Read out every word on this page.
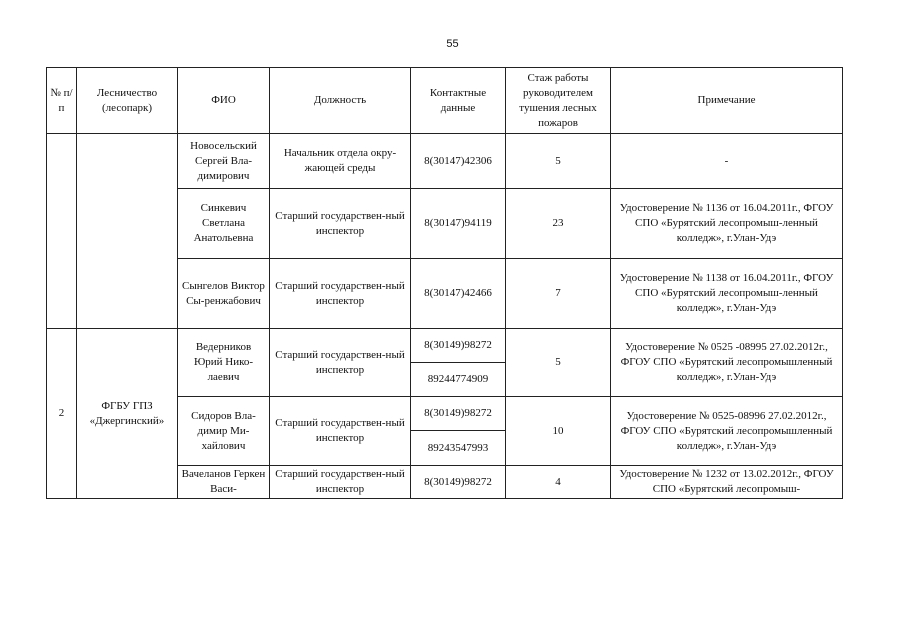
55
№ п/п	Лесничество (лесопарк)	ФИО	Должность	Контактные данные	Стаж работы руководителем тушения лесных пожаров	Примечание
		Новосельский Сергей Вла-димирович	Начальник отдела окру-жающей среды	8(30147)42306	5	-
		Синкевич Светлана Анатольевна	Старший государствен-ный инспектор	8(30147)94119	23	Удостоверение № 1136 от 16.04.2011г., ФГОУ СПО «Бурятский лесопромыш-ленный колледж», г.Улан-Удэ
		Сынгелов Виктор Сы-ренжабович	Старший государствен-ный инспектор	8(30147)42466	7	Удостоверение № 1138 от 16.04.2011г., ФГОУ СПО «Бурятский лесопромыш-ленный колледж», г.Улан-Удэ
2	ФГБУ ГПЗ «Джергинский»	Ведерников Юрий Нико-лаевич	Старший государствен-ный инспектор	8(30149)98272	5	Удостоверение № 0525 -08995 27.02.2012г., ФГОУ СПО «Бурятский лесопромышленный колледж», г.Улан-Удэ
				89244774909		
		Сидоров Вла-димир Ми-хайлович	Старший государствен-ный инспектор	8(30149)98272	10	Удостоверение № 0525-08996 27.02.2012г., ФГОУ СПО «Бурятский лесопромышленный колледж», г.Улан-Удэ
				89243547993		

		Вачеланов Геркен Васи-	Старший государствен-ный инспектор	8(30149)98272	4	Удостоверение № 1232 от 13.02.2012г., ФГОУ СПО «Бурятский лесопромыш-
